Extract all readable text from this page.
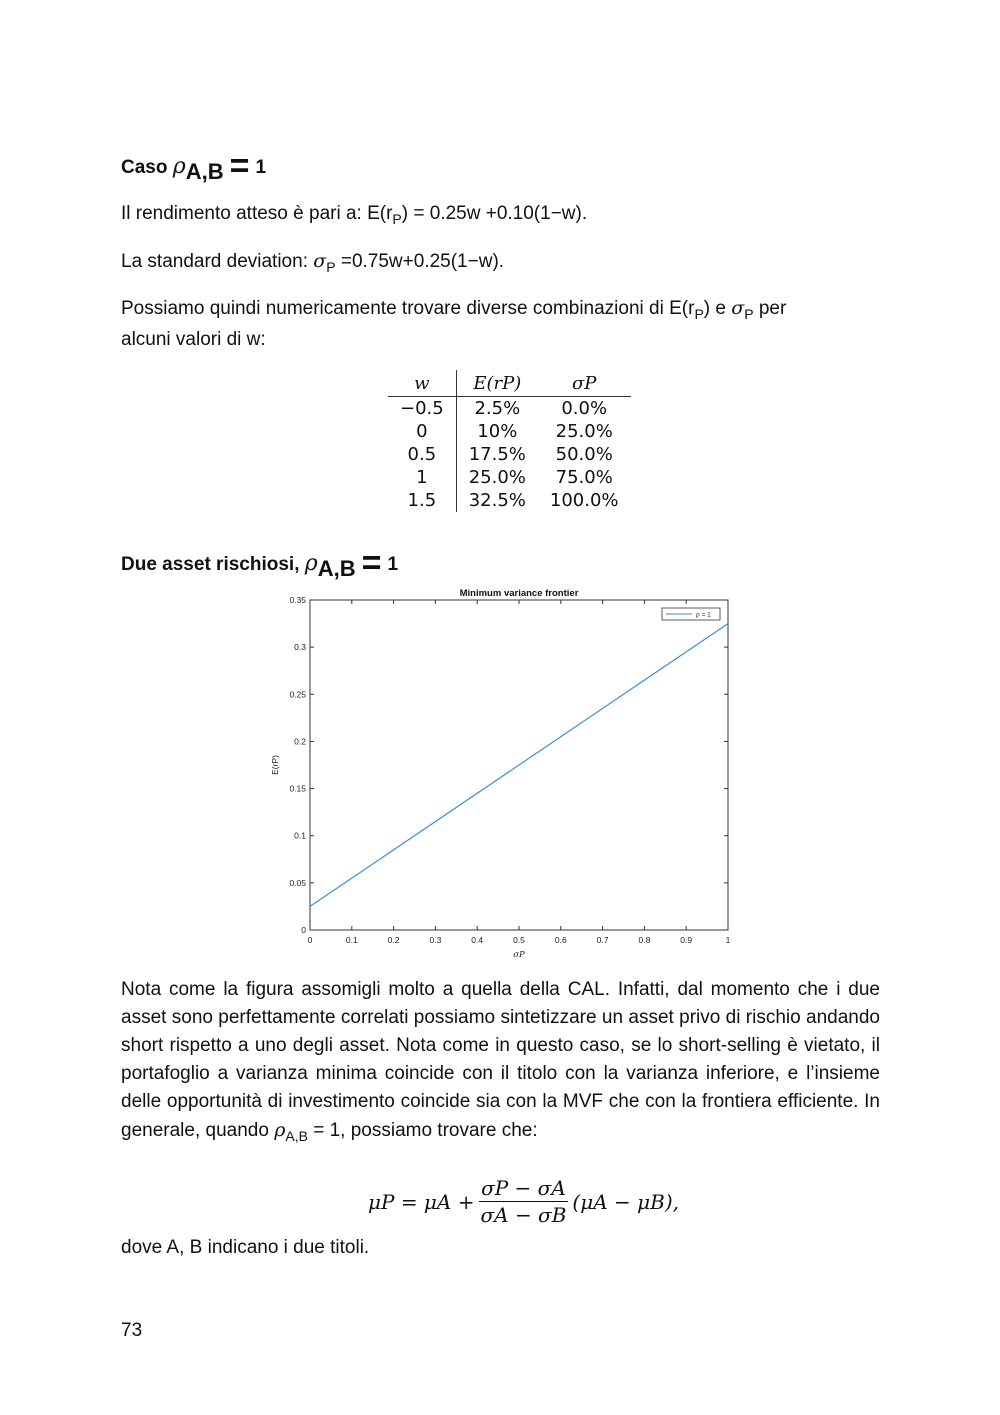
Caso ρA,B = 1
Il rendimento atteso è pari a: $E(r_P) = 0.25w +0.10(1-w)$.
La standard deviation: $\sigma_P =0.75w+0.25(1-w)$.
Possiamo quindi numericamente trovare diverse combinazioni di $E(r_P)$ e $\sigma_P$ per
alcuni valori di w:
w	E(rP)	σP
−0.5	2.5%	0.0%
0	10%	25.0%
0.5	17.5%	50.0%
1	25.0%	75.0%
1.5	32.5%	100.0%
Due asset rischiosi, ρA,B = 1
0	0.1	0.2	0.3	0.4	0.5	0.6	0.7	0.8	0.9	1
0
0.05
0.1
0.15
0.2
0.25
0.3
0.35
Minimum variance frontier
σP
E(rP)
ρ = 1

Nota come la figura assomigli molto a quella della CAL. Infatti, dal momento che i due asset sono perfettamente correlati possiamo sintetizzare un asset privo di rischio andando short rispetto a uno degli asset. Nota come in questo caso, se lo short-selling è vietato, il portafoglio a varianza minima coincide con il titolo con la varianza inferiore, e l’insieme delle opportunità di investimento coincide sia con la MVF che con la frontiera efficiente. In generale, quando $\rho_{A,B} = 1$, possiamo trovare che:

$\mu P = \mu A + \frac{\sigma P - \sigma A}{\sigma A - \sigma B} (\mu A - \mu B)$,
dove A, B indicano i due titoli.
73
